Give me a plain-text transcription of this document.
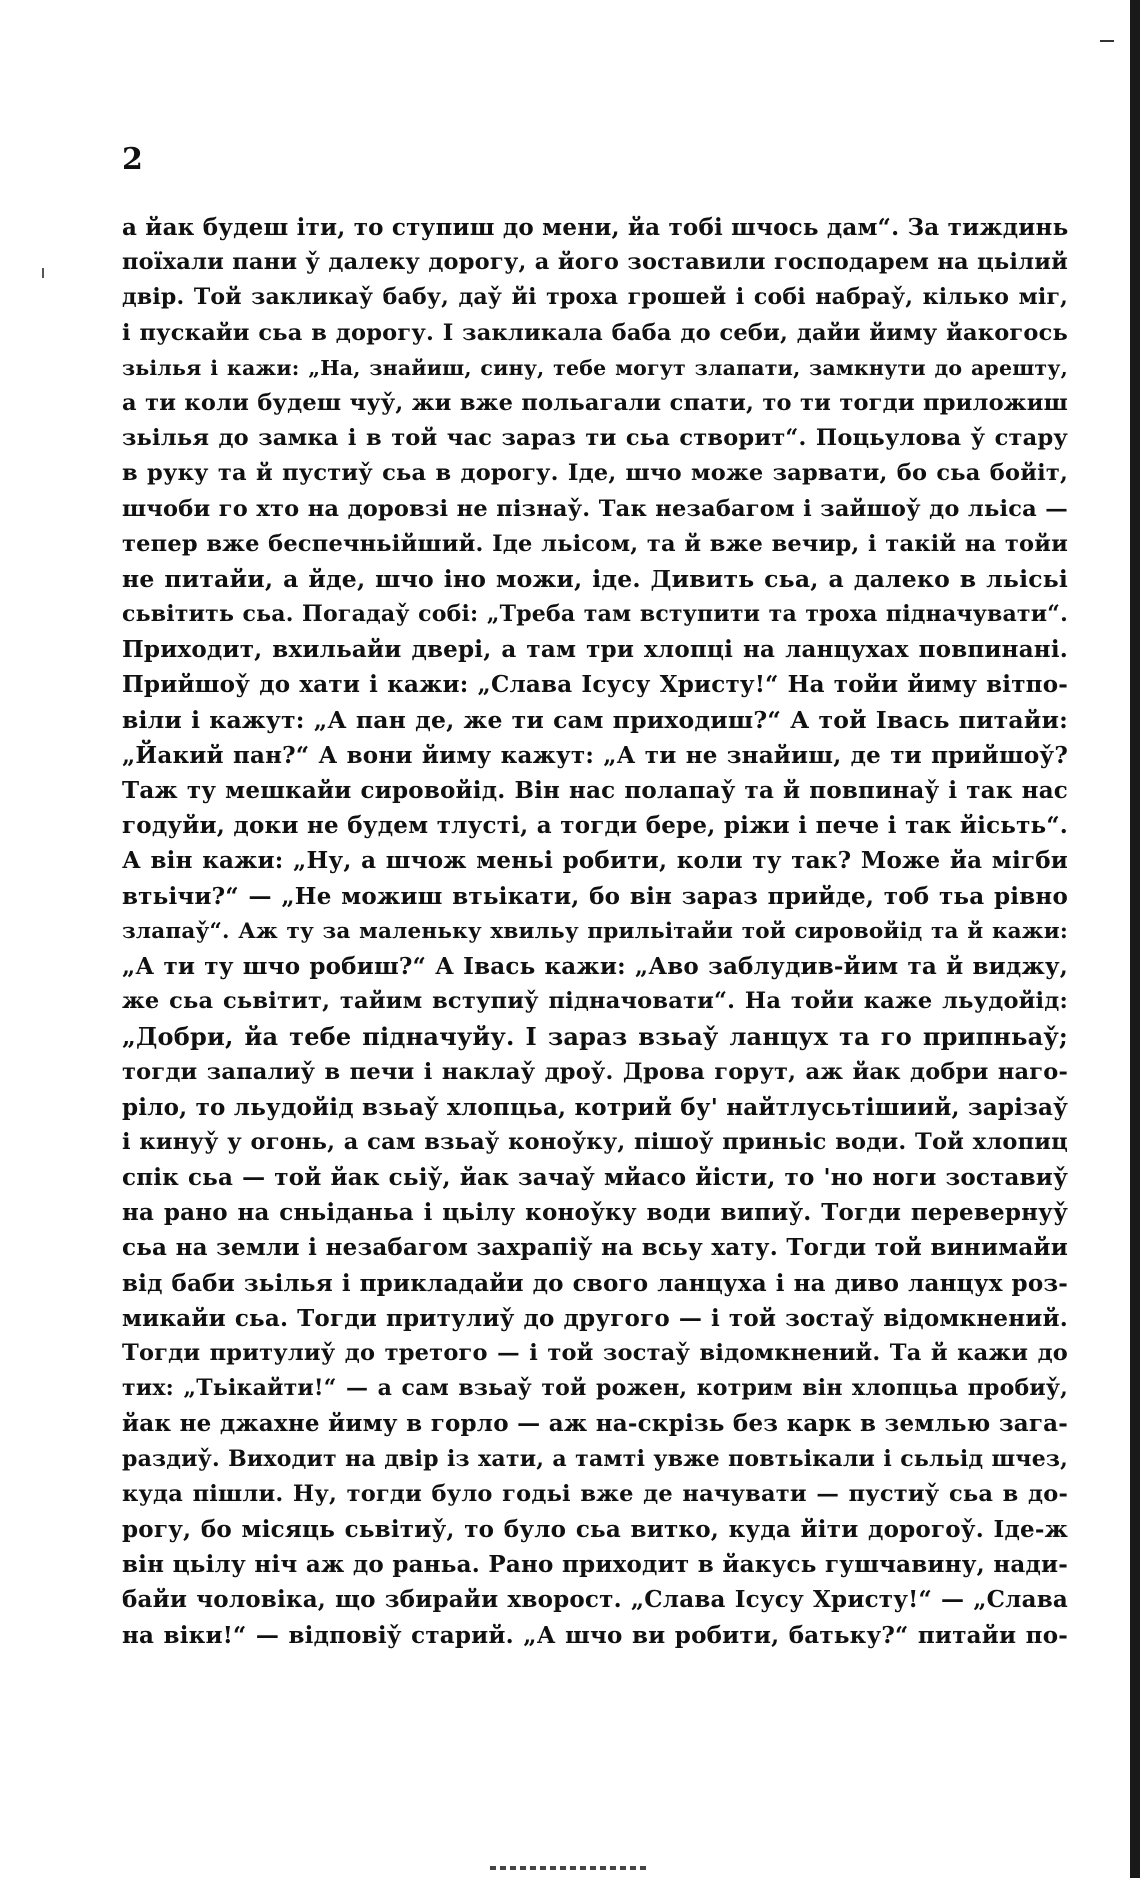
2
а йак будеш іти, то ступиш до мени, йа тобі шчось дам“. За тиждинь
поїхали пани у̌ далеку дорогу, а його зоставили господарем на цьілий
двір. Той закликау̌ бабу, дау̌ йі троха грошей і собі набрау̌, кілько міг,
і пускайи сьа в дорогу. І закликала баба до себи, дайи йиму йакогось
зьілья і кажи: „На, знайиш, сину, тебе могут злапати, замкнути до арешту,
а ти коли будеш чуу̌, жи вже польагали спати, то ти тогди приложиш
зьілья до замка і в той час зараз ти сьа створит“. Поцьулова у̌ стару
в руку та й пустиу̌ сьа в дорогу. Іде, шчо може зарвати, бо сьа бойіт,
шчоби го хто на доровзі не пізнау̌. Так незабагом і зайшоу̌ до льіса —
тепер вже беспечньійший. Іде льісом, та й вже вечир, і такій на тойи
не питайи, а йде, шчо іно можи, іде. Дивить сьа, а далеко в льісьі
сьвітить сьа. Погадау̌ собі: „Треба там вступити та троха підначувати“.
Приходит, вхильайи двері, а там три хлопці на ланцухах повпинані.
Прийшоу̌ до хати і кажи: „Слава Ісусу Христу!“ На тойи йиму вітпо-
віли і кажут: „А пан де, же ти сам приходиш?“ А той Івась питайи:
„Йакий пан?“ А вони йиму кажут: „А ти не знайиш, де ти прийшоу̌?
Таж ту мешкайи сировойід. Він нас полапау̌ та й повпинау̌ і так нас
годуйи, доки не будем тлусті, а тогди бере, ріжи і пече і так йісьть“.
А він кажи: „Ну, а шчож меньі робити, коли ту так? Може йа мігби
втьічи?“ — „Не можиш втьікати, бо він зараз прийде, тоб тьа рівно
злапау̌“. Аж ту за маленьку хвильу прильітайи той сировойід та й кажи:
„А ти ту шчо робиш?“ А Івась кажи: „Аво заблудив-йим та й виджу,
же сьа сьвітит, тайим вступиу̌ підначовати“. На тойи каже льудойід:
„Добри, йа тебе підначуйу. І зараз взьау̌ ланцух та го припньау̌;
тогди запалиу̌ в печи і наклау̌ дроу̌. Дрова горут, аж йак добри наго-
ріло, то льудойід взьау̌ хлопцьа, котрий бу' найтлусьтішиий, зарізау̌
і кинуу̌ у огонь, а сам взьау̌ коноу̌ку, пішоу̌ приньіс води. Той хлопиц
спік сьа — той йак сьіу̌, йак зачау̌ мйасо йісти, то 'но ноги зоставиу̌
на рано на сньіданьа і цьілу коноу̌ку води випиу̌. Тогди перевернуу̌
сьа на земли і незабагом захрапіу̌ на всьу хату. Тогди той винимайи
від баби зьілья і прикладайи до свого ланцуха і на диво ланцух роз-
микайи сьа. Тогди притулиу̌ до другого — і той зостау̌ відомкнений.
Тогди притулиу̌ до третого — і той зостау̌ відомкнений. Та й кажи до
тих: „Тьікайти!“ — а сам взьау̌ той рожен, котрим він хлопцьа пробиу̌,
йак не джахне йиму в горло — аж на-скрізь без карк в землью зага-
раздиу̌. Виходит на двір із хати, а тамті увже повтьікали і сьльід шчез,
куда пішли. Ну, тогди було годьі вже де начувати — пустиу̌ сьа в до-
рогу, бо місяць сьвітиу̌, то було сьа витко, куда йіти дорогоу̌. Іде-ж
він цьілу ніч аж до раньа. Рано приходит в йакусь гушчавину, нади-
байи чоловіка, що збирайи хворост. „Слава Ісусу Христу!“ — „Слава
на віки!“ — відповіу̌ старий. „А шчо ви робити, батьку?“ питайи по-
